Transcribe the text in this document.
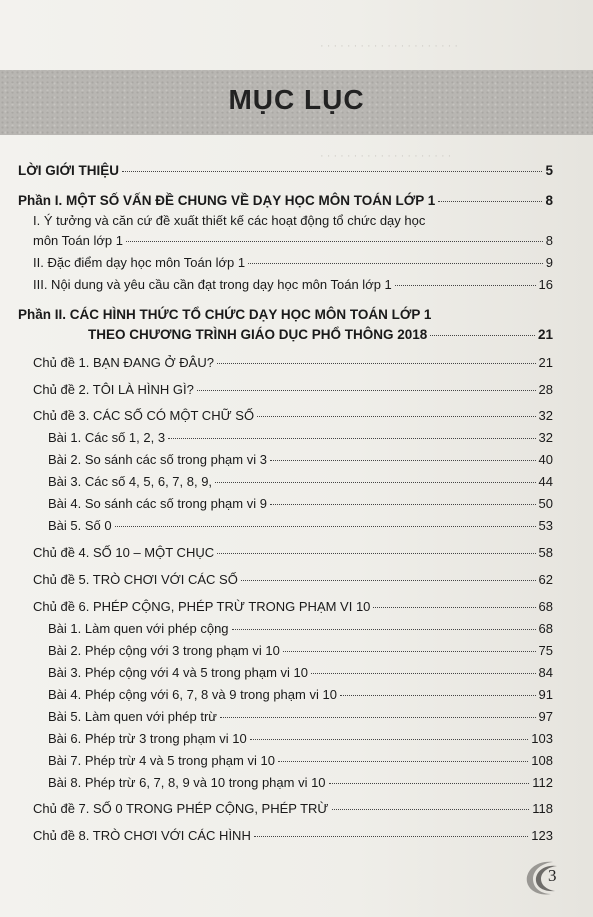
· · · · · · · · · · · · · · · · · · · · ·
· · · · · · · · · · · · · · · · · · · ·
MỤC LỤC
LỜI GIỚI THIỆU	5
Phần I. MỘT SỐ VẤN ĐỀ CHUNG VỀ DẠY HỌC MÔN TOÁN LỚP 1	8
I. Ý tưởng và căn cứ đề xuất thiết kế các hoạt động tổ chức dạy học
môn Toán lớp 1	8
II. Đặc điểm dạy học môn Toán lớp 1	9
III. Nội dung và yêu cầu cần đạt trong dạy học môn Toán lớp 1	16
Phần II. CÁC HÌNH THỨC TỔ CHỨC DẠY HỌC MÔN TOÁN LỚP 1
THEO CHƯƠNG TRÌNH GIÁO DỤC PHỔ THÔNG 2018	21
Chủ đề 1. BẠN ĐANG Ở ĐÂU?	21
Chủ đề 2. TÔI LÀ HÌNH GÌ?	28
Chủ đề 3. CÁC SỐ CÓ MỘT CHỮ SỐ	32
Bài 1. Các số 1, 2, 3	32
Bài 2. So sánh các số trong phạm vi 3	40
Bài 3. Các số 4, 5, 6, 7, 8, 9,	44
Bài 4. So sánh các số trong phạm vi 9	50
Bài 5. Số 0	53
Chủ đề 4. SỐ 10 – MỘT CHỤC	58
Chủ đề 5. TRÒ CHƠI VỚI CÁC SỐ	62
Chủ đề 6. PHÉP CỘNG, PHÉP TRỪ TRONG PHẠM VI 10	68
Bài 1. Làm quen với phép cộng	68
Bài 2. Phép cộng với 3 trong phạm vi 10	75
Bài 3. Phép cộng với 4 và 5 trong phạm vi 10	84
Bài 4. Phép cộng với 6, 7, 8 và 9 trong phạm vi 10	91
Bài 5. Làm quen với phép trừ	97
Bài 6. Phép trừ 3 trong phạm vi 10	103
Bài 7. Phép trừ 4 và 5 trong phạm vi 10	108
Bài 8. Phép trừ 6, 7, 8, 9 và 10 trong phạm vi 10	112
Chủ đề 7. SỐ 0 TRONG PHÉP CỘNG, PHÉP TRỪ	118
Chủ đề 8. TRÒ CHƠI VỚI CÁC HÌNH	123
3
